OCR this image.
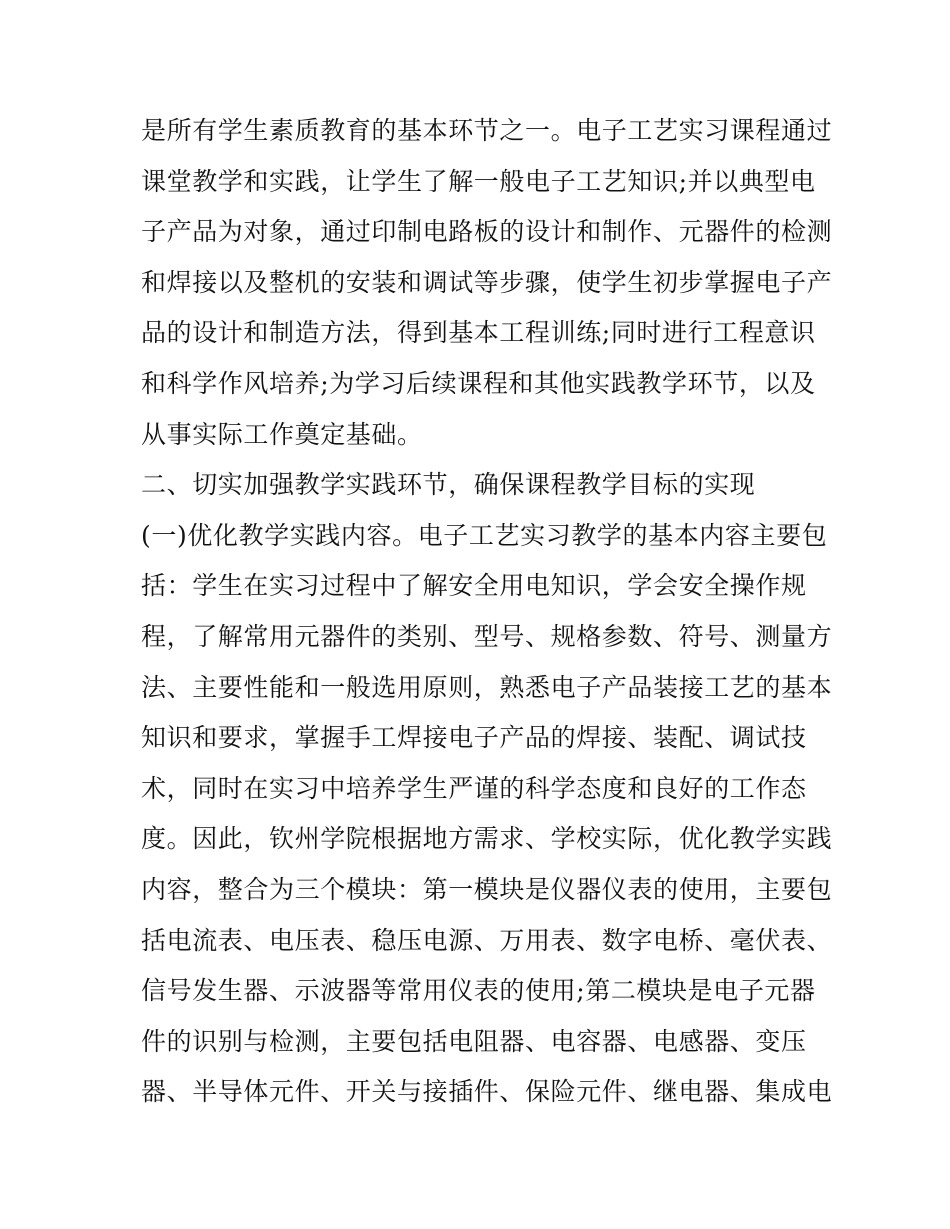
是所有学生素质教育的基本环节之一。电子工艺实习课程通过
课堂教学和实践，让学生了解一般电子工艺知识;并以典型电
子产品为对象，通过印制电路板的设计和制作、元器件的检测
和焊接以及整机的安装和调试等步骤，使学生初步掌握电子产
品的设计和制造方法，得到基本工程训练;同时进行工程意识
和科学作风培养;为学习后续课程和其他实践教学环节，以及
从事实际工作奠定基础。
二、切实加强教学实践环节，确保课程教学目标的实现
(一)优化教学实践内容。电子工艺实习教学的基本内容主要包
括：学生在实习过程中了解安全用电知识，学会安全操作规
程，了解常用元器件的类别、型号、规格参数、符号、测量方
法、主要性能和一般选用原则，熟悉电子产品装接工艺的基本
知识和要求，掌握手工焊接电子产品的焊接、装配、调试技
术，同时在实习中培养学生严谨的科学态度和良好的工作态
度。因此，钦州学院根据地方需求、学校实际，优化教学实践
内容，整合为三个模块：第一模块是仪器仪表的使用，主要包
括电流表、电压表、稳压电源、万用表、数字电桥、毫伏表、
信号发生器、示波器等常用仪表的使用;第二模块是电子元器
件的识别与检测，主要包括电阻器、电容器、电感器、变压
器、半导体元件、开关与接插件、保险元件、继电器、集成电
